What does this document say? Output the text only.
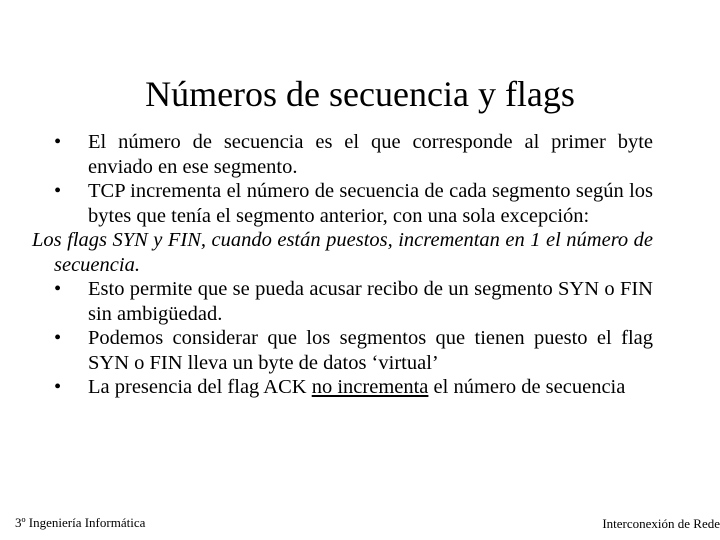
Números de secuencia y flags
•	El número de secuencia es el que corresponde al primer byte enviado en ese segmento.
•	TCP incrementa el número de secuencia de cada segmento según los bytes que tenía el segmento anterior, con una sola excepción:
Los flags SYN y FIN, cuando están puestos, incrementan en 1 el número de secuencia.
•	Esto permite que se pueda acusar recibo de un segmento SYN o FIN sin ambigüedad.
•	Podemos considerar que los segmentos que tienen puesto el flag SYN o FIN lleva un byte de datos ‘virtual’
•	La presencia del flag ACK no incrementa el número de secuencia
3º Ingeniería Informática	Interconexión de Rede
